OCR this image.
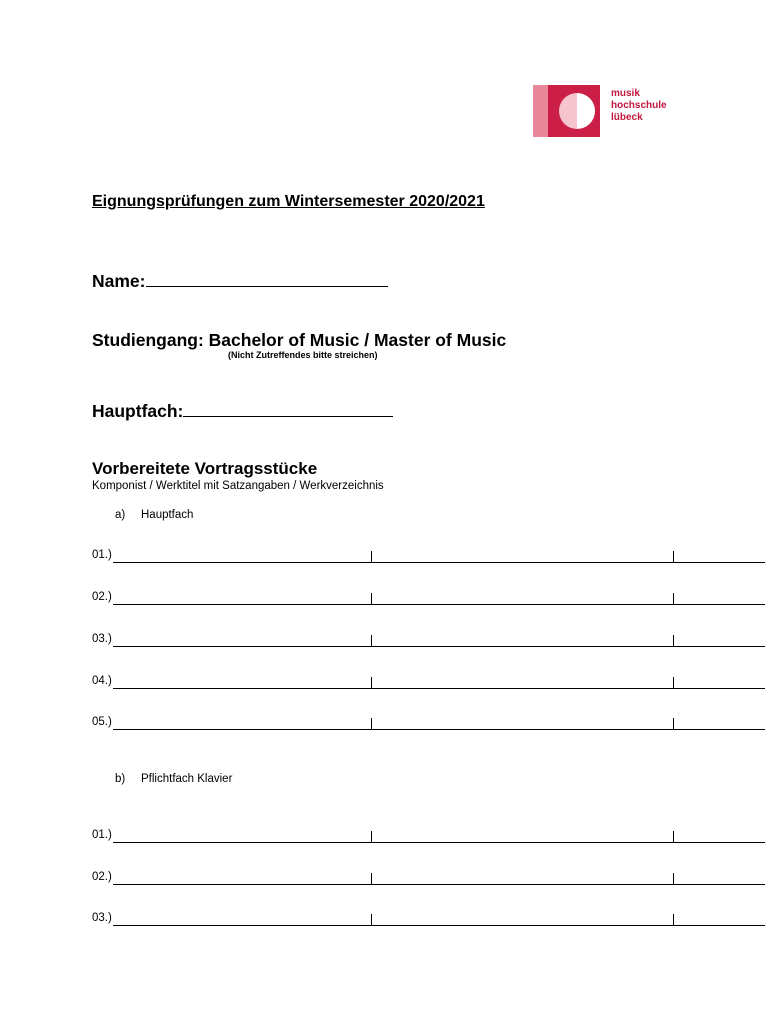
musik
hochschule
lübeck
Eignungsprüfungen zum Wintersemester 2020/2021
Name:
Studiengang: Bachelor of Music / Master of Music
(Nicht Zutreffendes bitte streichen)
Hauptfach:
Vorbereitete Vortragsstücke
Komponist / Werktitel mit Satzangaben / Werkverzeichnis
a) Hauptfach
01.)
02.)
03.)
04.)
05.)
b) Pflichtfach Klavier
01.)
02.)
03.)
